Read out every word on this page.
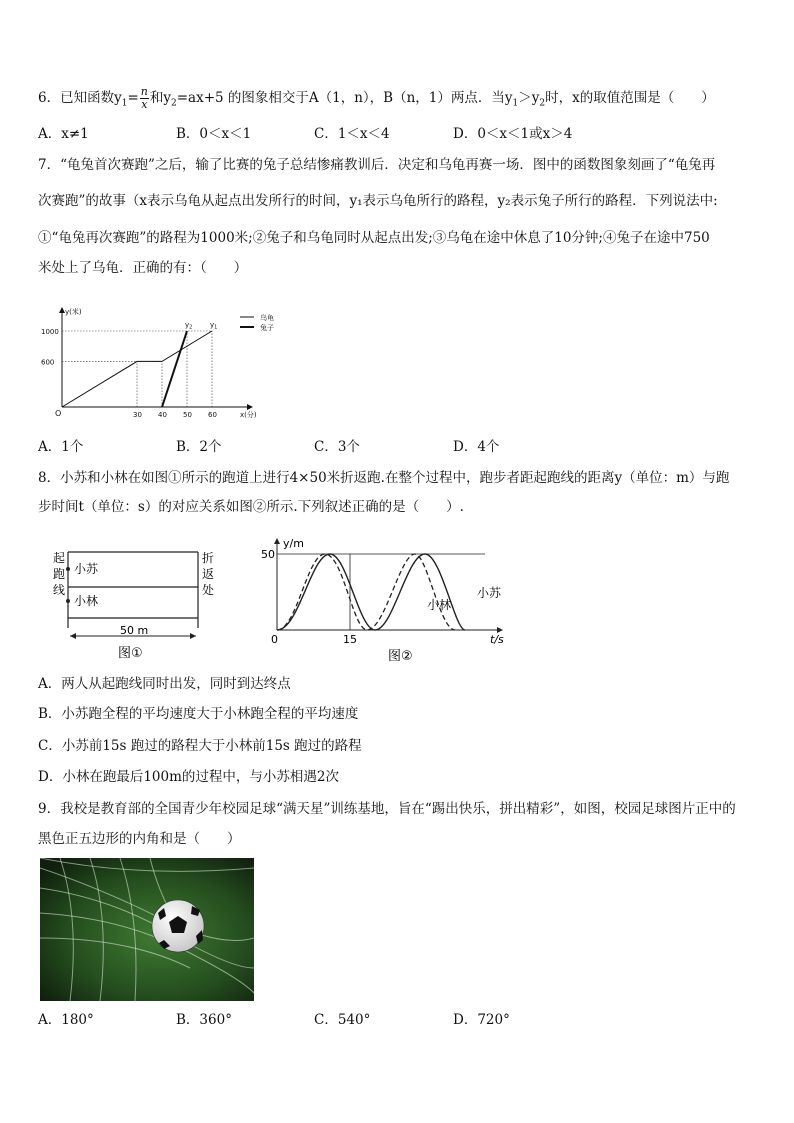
6．已知函数$y_1= \frac{n}{x}$ 和$y_2=ax+5$ 的图象相交于A（1，n），B（n，1）两点．当$y_1>y_2$时，x的取值范围是（　　）
A．x≠1	B．0＜x＜1	C．1＜x＜4	D．0＜x＜1或x＞4
7．“龟兔首次赛跑”之后，输了比赛的兔子总结惨痛教训后．决定和乌龟再赛一场．图中的函数图象刻画了“龟兔再
次赛跑”的故事（x表示乌龟从起点出发所行的时间，y₁表示乌龟所行的路程，y₂表示兔子所行的路程．下列说法中:
①“龟兔再次赛跑”的路程为1000米;②兔子和乌龟同时从起点出发;③乌龟在途中休息了10分钟;④兔子在途中750
米处上了乌龟．正确的有：（　　）
y(米)
x(分)
O
600
1000
30 40 50 60
$y_1$
$y_2$
乌龟
兔子
A．1个	B．2个	C．3个	D．4个
8．小苏和小林在如图①所示的跑道上进行4×50米折返跑.在整个过程中，跑步者距起跑线的距离y（单位：m）与跑
步时间t（单位：s）的对应关系如图②所示.下列叙述正确的是（　　）.
起
跑
线
折
返
处
小苏
小林
50 m
图①
y/m
50
0	15	t/s
小林
小苏
图②
A．两人从起跑线同时出发，同时到达终点
B．小苏跑全程的平均速度大于小林跑全程的平均速度
C．小苏前15s 跑过的路程大于小林前15s 跑过的路程
D．小林在跑最后100m的过程中，与小苏相遇2次
9．我校是教育部的全国青少年校园足球“满天星”训练基地，旨在“踢出快乐，拼出精彩”，如图，校园足球图片正中的
黑色正五边形的内角和是（　　）
A．180°	B．360°	C．540°	D．720°
